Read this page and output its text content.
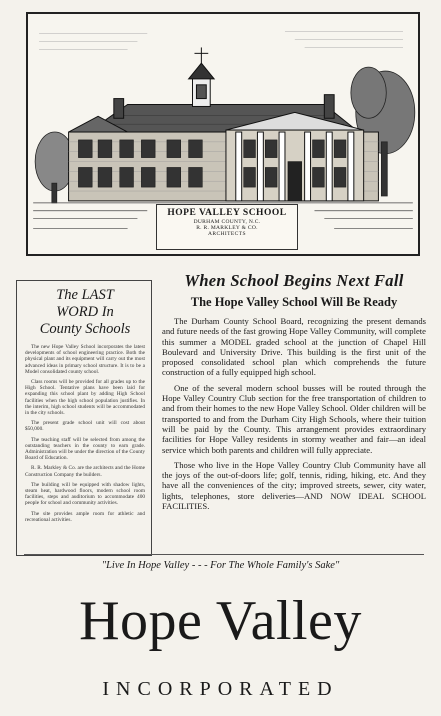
HOPE VALLEY SCHOOL
DURHAM COUNTY, N.C.
R. R. MARKLEY & CO.
ARCHITECTS
The LAST
WORD In
County Schools

The new Hope Valley School incorporates the latest developments of school engineering practice. Both the physical plant and its equipment will carry out the most advanced ideas in primary school structure. It is to be a Model consolidated county school.

Class rooms will be provided for all grades up to the High School. Tentative plans have been laid for expanding this school plant by adding High School facilities when the high school population justifies. In the interim, high school students will be accommodated in the city schools.

The present grade school unit will cost about $50,000.

The teaching staff will be selected from among the outstanding teachers in the county to earn grade. Administration will be under the direction of the County Board of Education.

R. R. Markley & Co. are the architects and the Home Construction Company the builders.

The building will be equipped with shadow lights, steam heat, hardwood floors, modern school room facilities, steps and auditorium to accommodate 400 people for school and community activities.

The site provides ample room for athletic and recreational activities.

When School Begins Next Fall
The Hope Valley School Will Be Ready

The Durham County School Board, recognizing the present demands and future needs of the fast growing Hope Valley Community, will complete this summer a MODEL graded school at the junction of Chapel Hill Boulevard and University Drive. This building is the first unit of the proposed consolidated school plan which comprehends the future construction of a fully equipped high school.

One of the several modern school busses will be routed through the Hope Valley Country Club section for the free transportation of children to and from their homes to the new Hope Valley School. Older children will be transported to and from the Durham City High Schools, where their tuition will be paid by the County. This arrangement provides extraordinary facilities for Hope Valley residents in stormy weather and fair—an ideal service which both parents and children will fully appreciate.

Those who live in the Hope Valley Country Club Community have all the joys of the out-of-doors life; golf, tennis, riding, hiking, etc. And they have all the conveniences of the city; improved streets, sewer, city water, lights, telephones, store deliveries—AND NOW IDEAL SCHOOL FACILITIES.

"Live In Hope Valley - - - For The Whole Family's Sake"
Hope Valley
INCORPORATED
